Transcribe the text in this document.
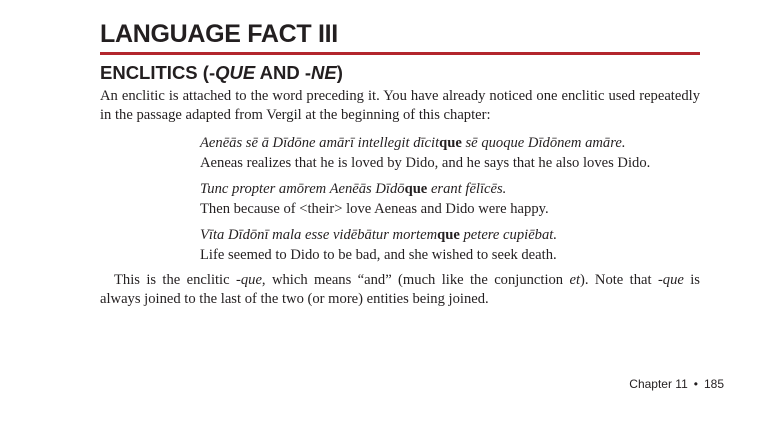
LANGUAGE FACT III
ENCLITICS (-QUE AND -NE)
An enclitic is attached to the word preceding it. You have already noticed one enclitic used repeatedly in the passage adapted from Vergil at the beginning of this chapter:
Aenēās sē ā Dīdōne amārī intellegit dīcitque sē quoque Dīdōnem amāre.
Aeneas realizes that he is loved by Dido, and he says that he also loves Dido.
Tunc propter amōrem Aenēās Dīdōque erant fēlīcēs.
Then because of <their> love Aeneas and Dido were happy.
Vīta Dīdōnī mala esse vidēbātur mortemque petere cupiēbat.
Life seemed to Dido to be bad, and she wished to seek death.
This is the enclitic -que, which means “and” (much like the conjunction et). Note that -que is always joined to the last of the two (or more) entities being joined.
Chapter 11 • 185
